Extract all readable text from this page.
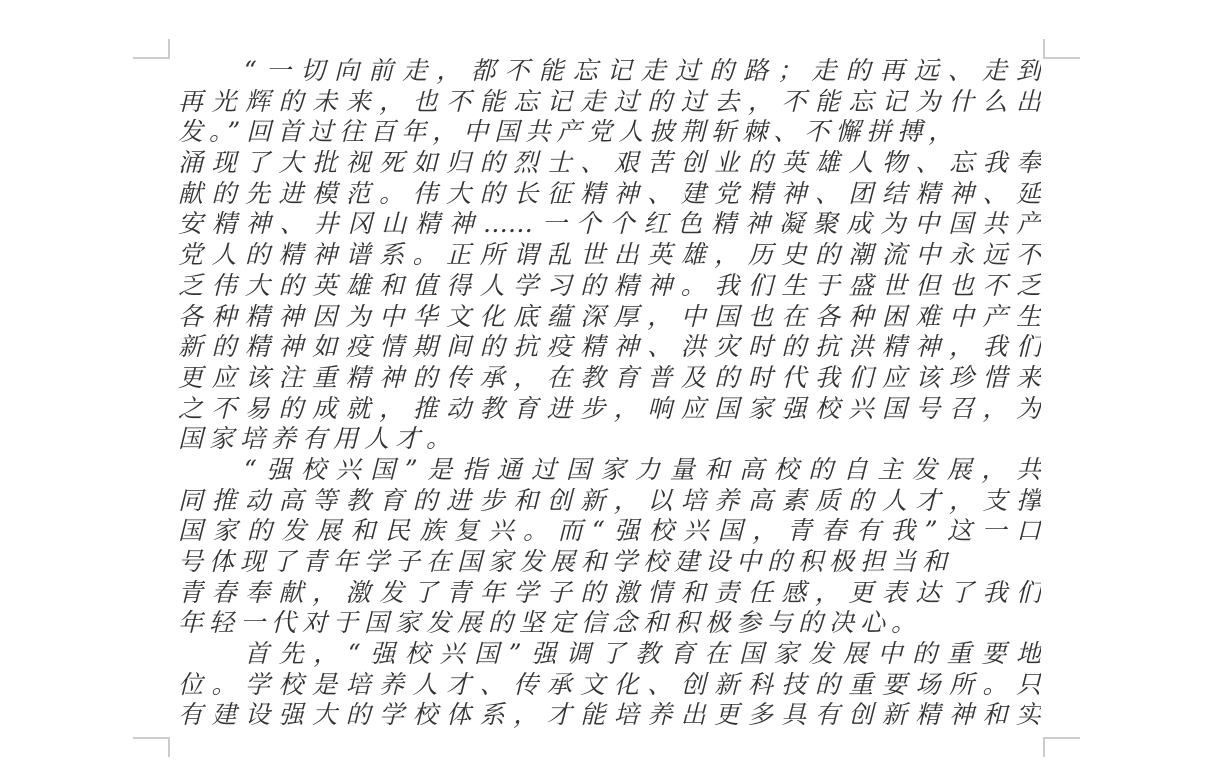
“一切向前走，都不能忘记走过的路；走的再远、走到
再光辉的未来，也不能忘记走过的过去，不能忘记为什么出
发。”回首过往百年，中国共产党人披荆斩棘、不懈拼搏，
涌现了大批视死如归的烈士、艰苦创业的英雄人物、忘我奉
献的先进模范。伟大的长征精神、建党精神、团结精神、延
安精神、井冈山精神……一个个红色精神凝聚成为中国共产
党人的精神谱系。正所谓乱世出英雄，历史的潮流中永远不
乏伟大的英雄和值得人学习的精神。我们生于盛世但也不乏
各种精神因为中华文化底蕴深厚，中国也在各种困难中产生
新的精神如疫情期间的抗疫精神、洪灾时的抗洪精神，我们
更应该注重精神的传承，在教育普及的时代我们应该珍惜来
之不易的成就，推动教育进步，响应国家强校兴国号召，为
国家培养有用人才。
“强校兴国”是指通过国家力量和高校的自主发展，共
同推动高等教育的进步和创新，以培养高素质的人才，支撑
国家的发展和民族复兴。而“强校兴国，青春有我”这一口
号体现了青年学子在国家发展和学校建设中的积极担当和
青春奉献，激发了青年学子的激情和责任感，更表达了我们
年轻一代对于国家发展的坚定信念和积极参与的决心。
首先，“强校兴国”强调了教育在国家发展中的重要地
位。学校是培养人才、传承文化、创新科技的重要场所。只
有建设强大的学校体系，才能培养出更多具有创新精神和实
